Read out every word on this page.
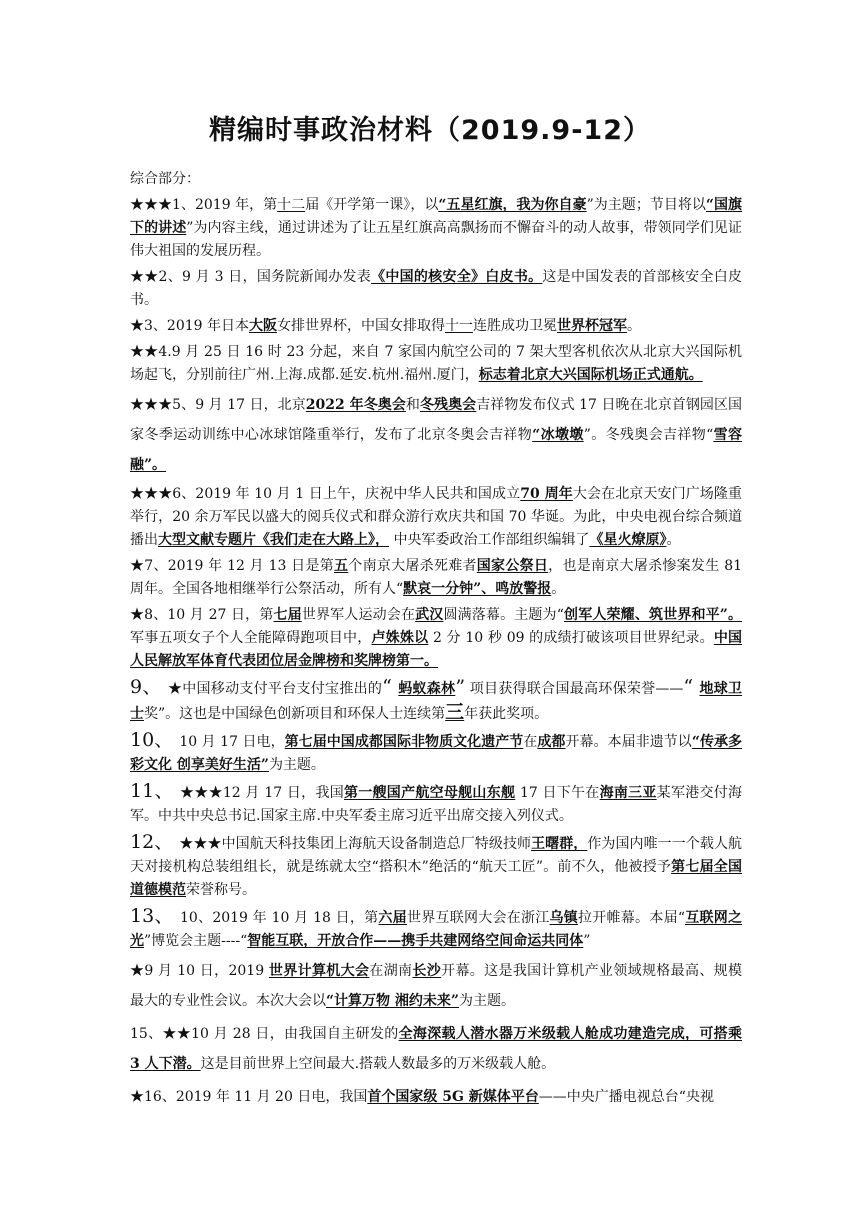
精编时事政治材料（2019.9-12）

综合部分：

★★★1、2019 年，第十二届《开学第一课》，以“五星红旗，我为你自豪”为主题；节目将以“国旗下的讲述”为内容主线，通过讲述为了让五星红旗高高飘扬而不懈奋斗的动人故事，带领同学们见证伟大祖国的发展历程。

★★2、9 月 3 日，国务院新闻办发表《中国的核安全》白皮书。这是中国发表的首部核安全白皮书。

★3、2019 年日本大阪女排世界杯，中国女排取得十一连胜成功卫冕世界杯冠军。

★★4.9 月 25 日 16 时 23 分起，来自 7 家国内航空公司的 7 架大型客机依次从北京大兴国际机场起飞，分别前往广州.上海.成都.延安.杭州.福州.厦门，标志着北京大兴国际机场正式通航。

★★★5、9 月 17 日，北京2022 年冬奥会和冬残奥会吉祥物发布仪式 17 日晚在北京首钢园区国家冬季运动训练中心冰球馆隆重举行，发布了北京冬奥会吉祥物“冰墩墩”。冬残奥会吉祥物“雪容融”。

★★★6、2019 年 10 月 1 日上午，庆祝中华人民共和国成立70 周年大会在北京天安门广场隆重举行，20 余万军民以盛大的阅兵仪式和群众游行欢庆共和国 70 华诞。为此，中央电视台综合频道播出大型文献专题片《我们走在大路上》， 中央军委政治工作部组织编辑了《星火燎原》。

★7、2019 年 12 月 13 日是第五个南京大屠杀死难者国家公祭日，也是南京大屠杀惨案发生 81 周年。全国各地相继举行公祭活动，所有人“默哀一分钟”、鸣放警报。

★8、10 月 27 日，第七届世界军人运动会在武汉圆满落幕。主题为“创军人荣耀、筑世界和平”。军事五项女子个人全能障碍跑项目中，卢姝姝以 2 分 10 秒 09 的成绩打破该项目世界纪录。中国人民解放军体育代表团位居金牌榜和奖牌榜第一。

9、 ★中国移动支付平台支付宝推出的“ 蚂蚁森林” 项目获得联合国最高环保荣誉——“ 地球卫士奖”。这也是中国绿色创新项目和环保人士连续第三年获此奖项。

10、 10 月 17 日电，第七届中国成都国际非物质文化遗产节在成都开幕。本届非遗节以“传承多彩文化 创享美好生活”为主题。

11、 ★★★12 月 17 日，我国第一艘国产航空母舰山东舰 17 日下午在海南三亚某军港交付海军。中共中央总书记.国家主席.中央军委主席习近平出席交接入列仪式。

12、 ★★★中国航天科技集团上海航天设备制造总厂特级技师王曙群，作为国内唯一一个载人航天对接机构总装组组长，就是练就太空“搭积木”绝活的“航天工匠”。前不久，他被授予第七届全国道德模范荣誉称号。

13、 10、2019 年 10 月 18 日，第六届世界互联网大会在浙江乌镇拉开帷幕。本届“互联网之光”博览会主题----“智能互联，开放合作——携手共建网络空间命运共同体”

★9 月 10 日，2019 世界计算机大会在湖南长沙开幕。这是我国计算机产业领域规格最高、规模最大的专业性会议。本次大会以“计算万物 湘约未来”为主题。

15、★★10 月 28 日，由我国自主研发的全海深载人潜水器万米级载人舱成功建造完成，可搭乘 3 人下潜。这是目前世界上空间最大.搭载人数最多的万米级载人舱。

★16、2019 年 11 月 20 日电，我国首个国家级 5G 新媒体平台——中央广播电视总台“央视
